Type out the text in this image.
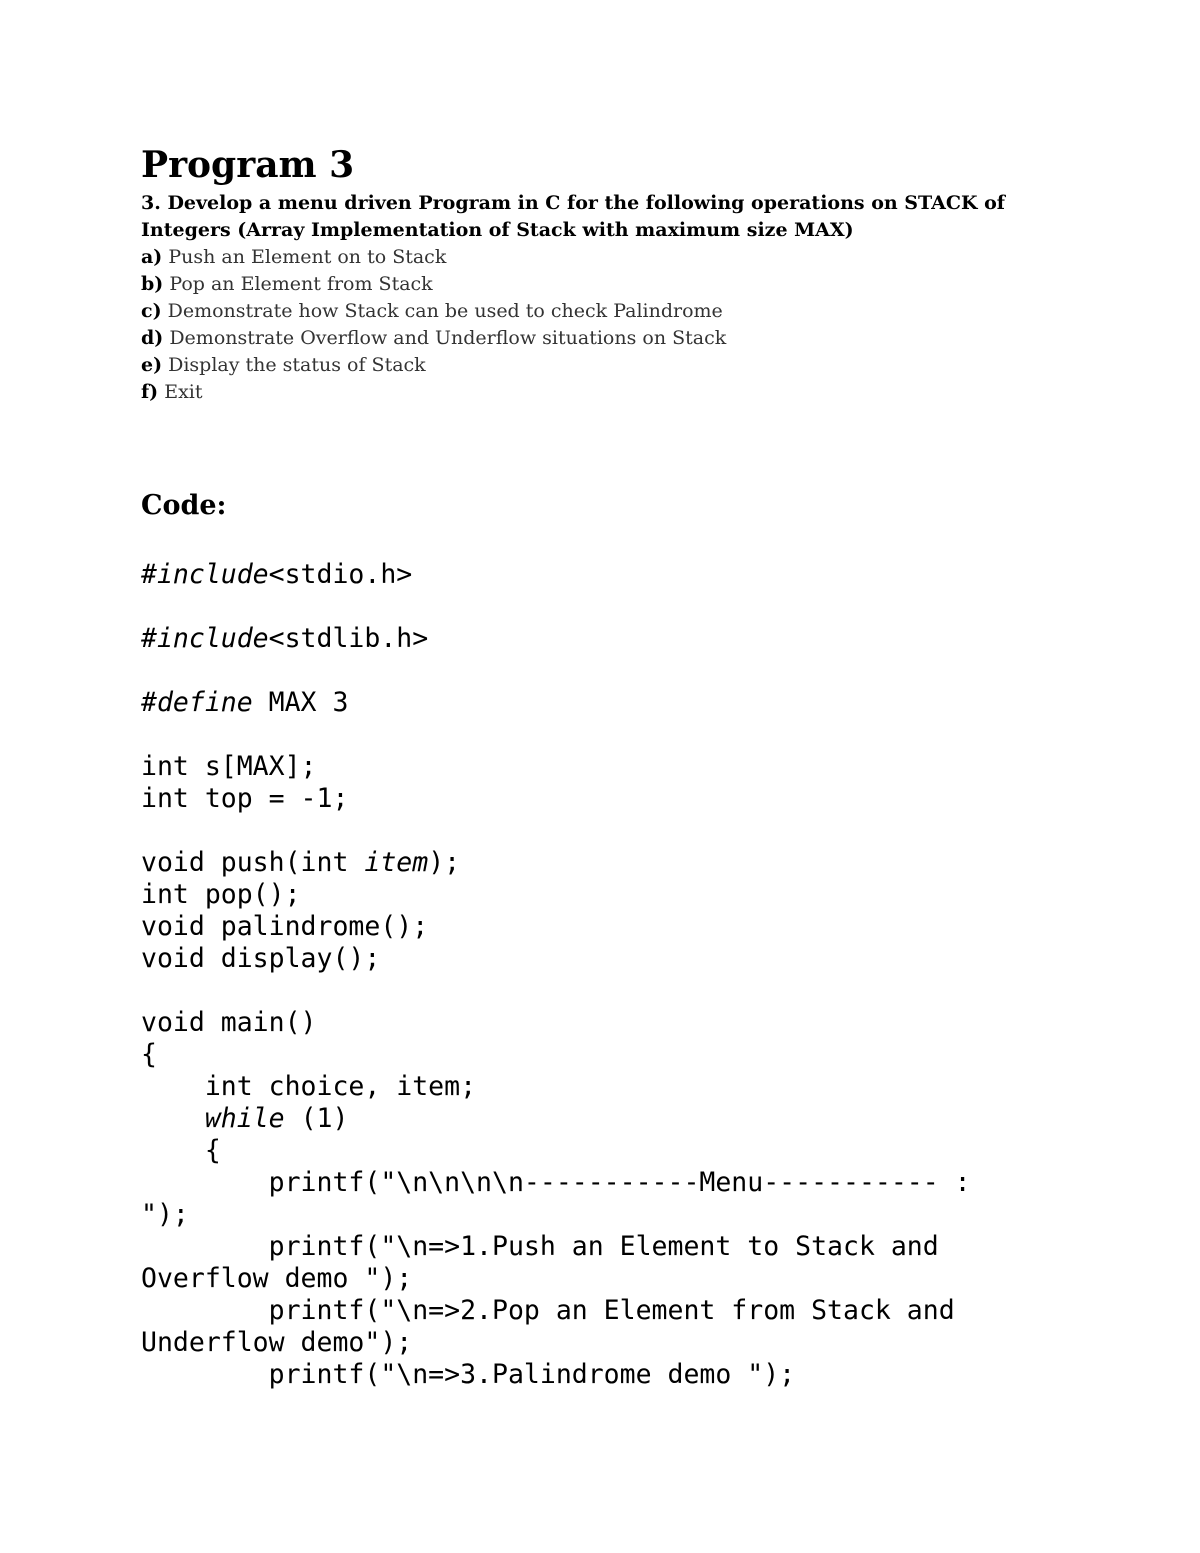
Program 3

3. Develop a menu driven Program in C for the following operations on STACK of Integers (Array Implementation of Stack with maximum size MAX)

a) Push an Element on to Stack
b) Pop an Element from Stack
c) Demonstrate how Stack can be used to check Palindrome
d) Demonstrate Overflow and Underflow situations on Stack
e) Display the status of Stack
f) Exit
Code:
#include<stdio.h>
#include<stdlib.h>
#define MAX 3
int s[MAX];
int top = -1;
void push(int item);
int pop();
void palindrome();
void display();
void main()
{
int choice, item;
while (1)
{
printf("\n\n\n\n-----------Menu----------- :
");
printf("\n=>1.Push an Element to Stack and
Overflow demo ");
printf("\n=>2.Pop an Element from Stack and
Underflow demo");
printf("\n=>3.Palindrome demo ");
